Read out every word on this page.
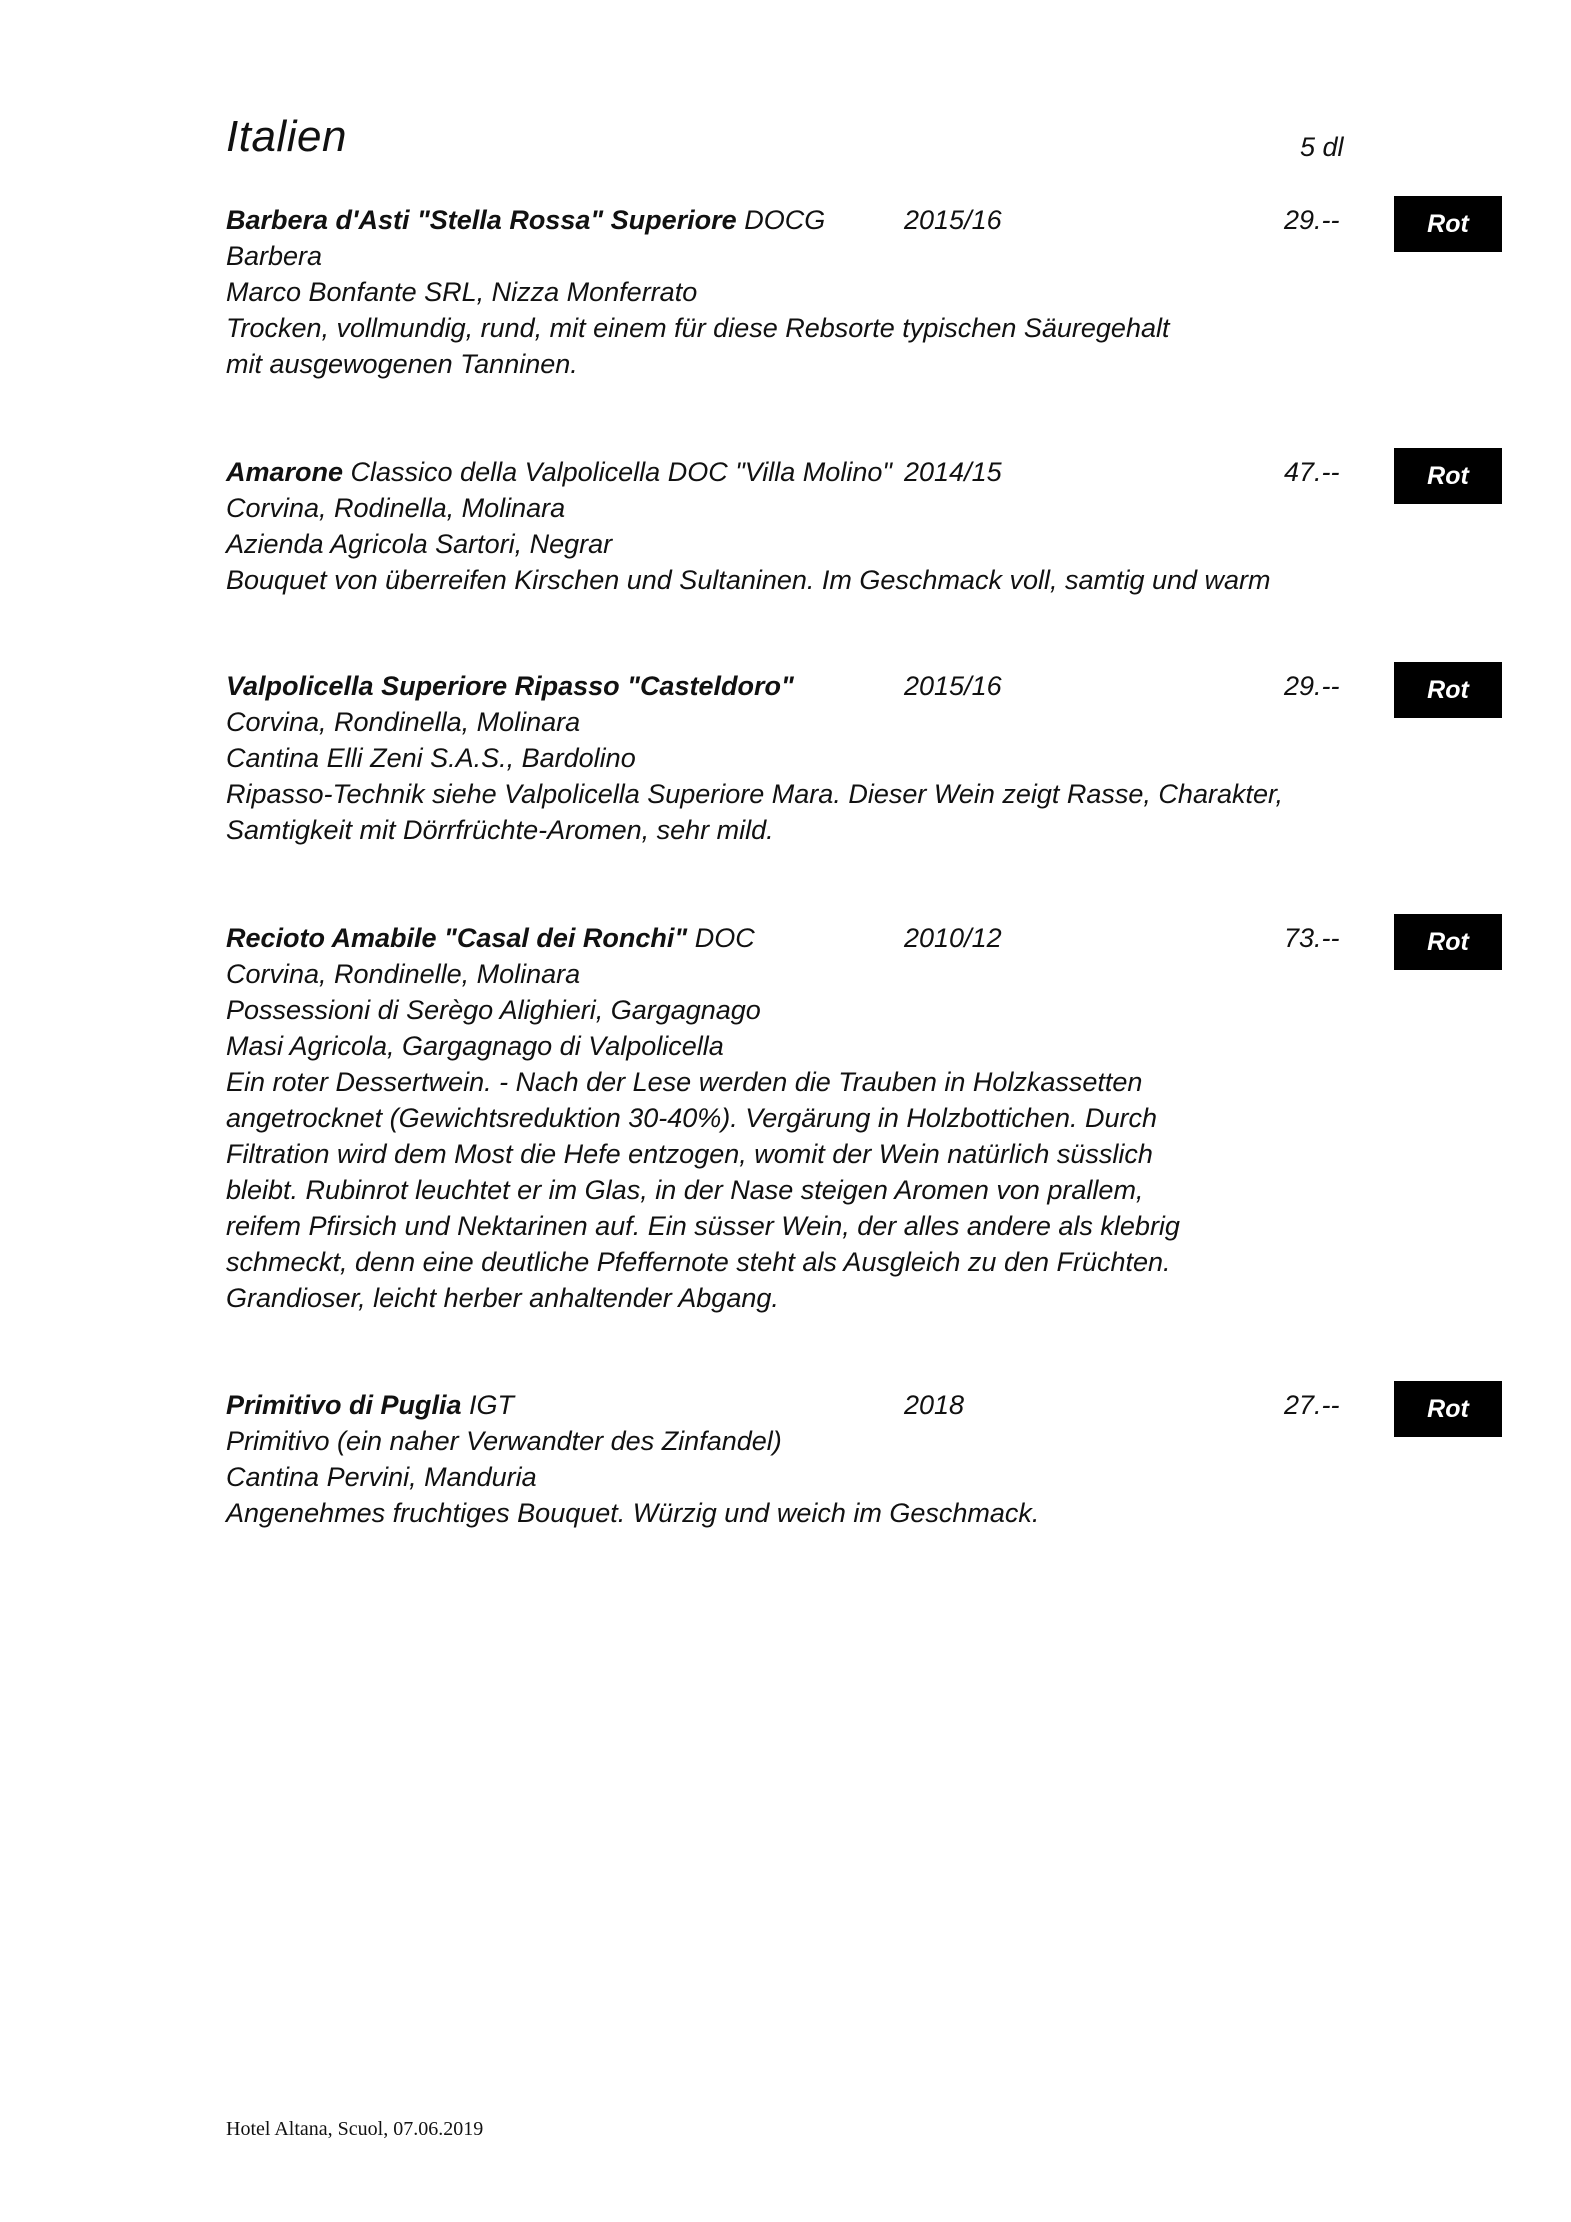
Italien	5 dl
Barbera d'Asti "Stella Rossa" Superiore DOCG	2015/16	29.--	Rot
Barbera
Marco Bonfante SRL, Nizza Monferrato
Trocken, vollmundig, rund, mit einem für diese Rebsorte typischen Säuregehalt
mit ausgewogenen Tanninen.
Amarone Classico della Valpolicella DOC "Villa Molino" 2014/15	47.--	Rot
Corvina, Rodinella, Molinara
Azienda Agricola Sartori, Negrar
Bouquet von überreifen Kirschen und Sultaninen. Im Geschmack voll, samtig und warm
Valpolicella Superiore Ripasso "Casteldoro"	2015/16	29.--	Rot
Corvina, Rondinella, Molinara
Cantina Elli Zeni S.A.S., Bardolino
Ripasso-Technik siehe Valpolicella Superiore Mara. Dieser Wein zeigt Rasse, Charakter,
Samtigkeit mit Dörrfrüchte-Aromen, sehr mild.
Recioto Amabile "Casal dei Ronchi" DOC	2010/12	73.--	Rot
Corvina, Rondinelle, Molinara
Possessioni di Serègo Alighieri, Gargagnago
Masi Agricola, Gargagnago di Valpolicella
Ein roter Dessertwein. - Nach der Lese werden die Trauben in Holzkassetten
angetrocknet (Gewichtsreduktion 30-40%). Vergärung in Holzbottichen. Durch
Filtration wird dem Most die Hefe entzogen, womit der Wein natürlich süsslich
bleibt. Rubinrot leuchtet er im Glas, in der Nase steigen Aromen von prallem,
reifem Pfirsich und Nektarinen auf. Ein süsser Wein, der alles andere als klebrig
schmeckt, denn eine deutliche Pfeffernote steht als Ausgleich zu den Früchten.
Grandioser, leicht herber anhaltender Abgang.
Primitivo di Puglia IGT	2018	27.--	Rot
Primitivo (ein naher Verwandter des Zinfandel)
Cantina Pervini, Manduria
Angenehmes fruchtiges Bouquet. Würzig und weich im Geschmack.
Hotel Altana, Scuol, 07.06.2019
